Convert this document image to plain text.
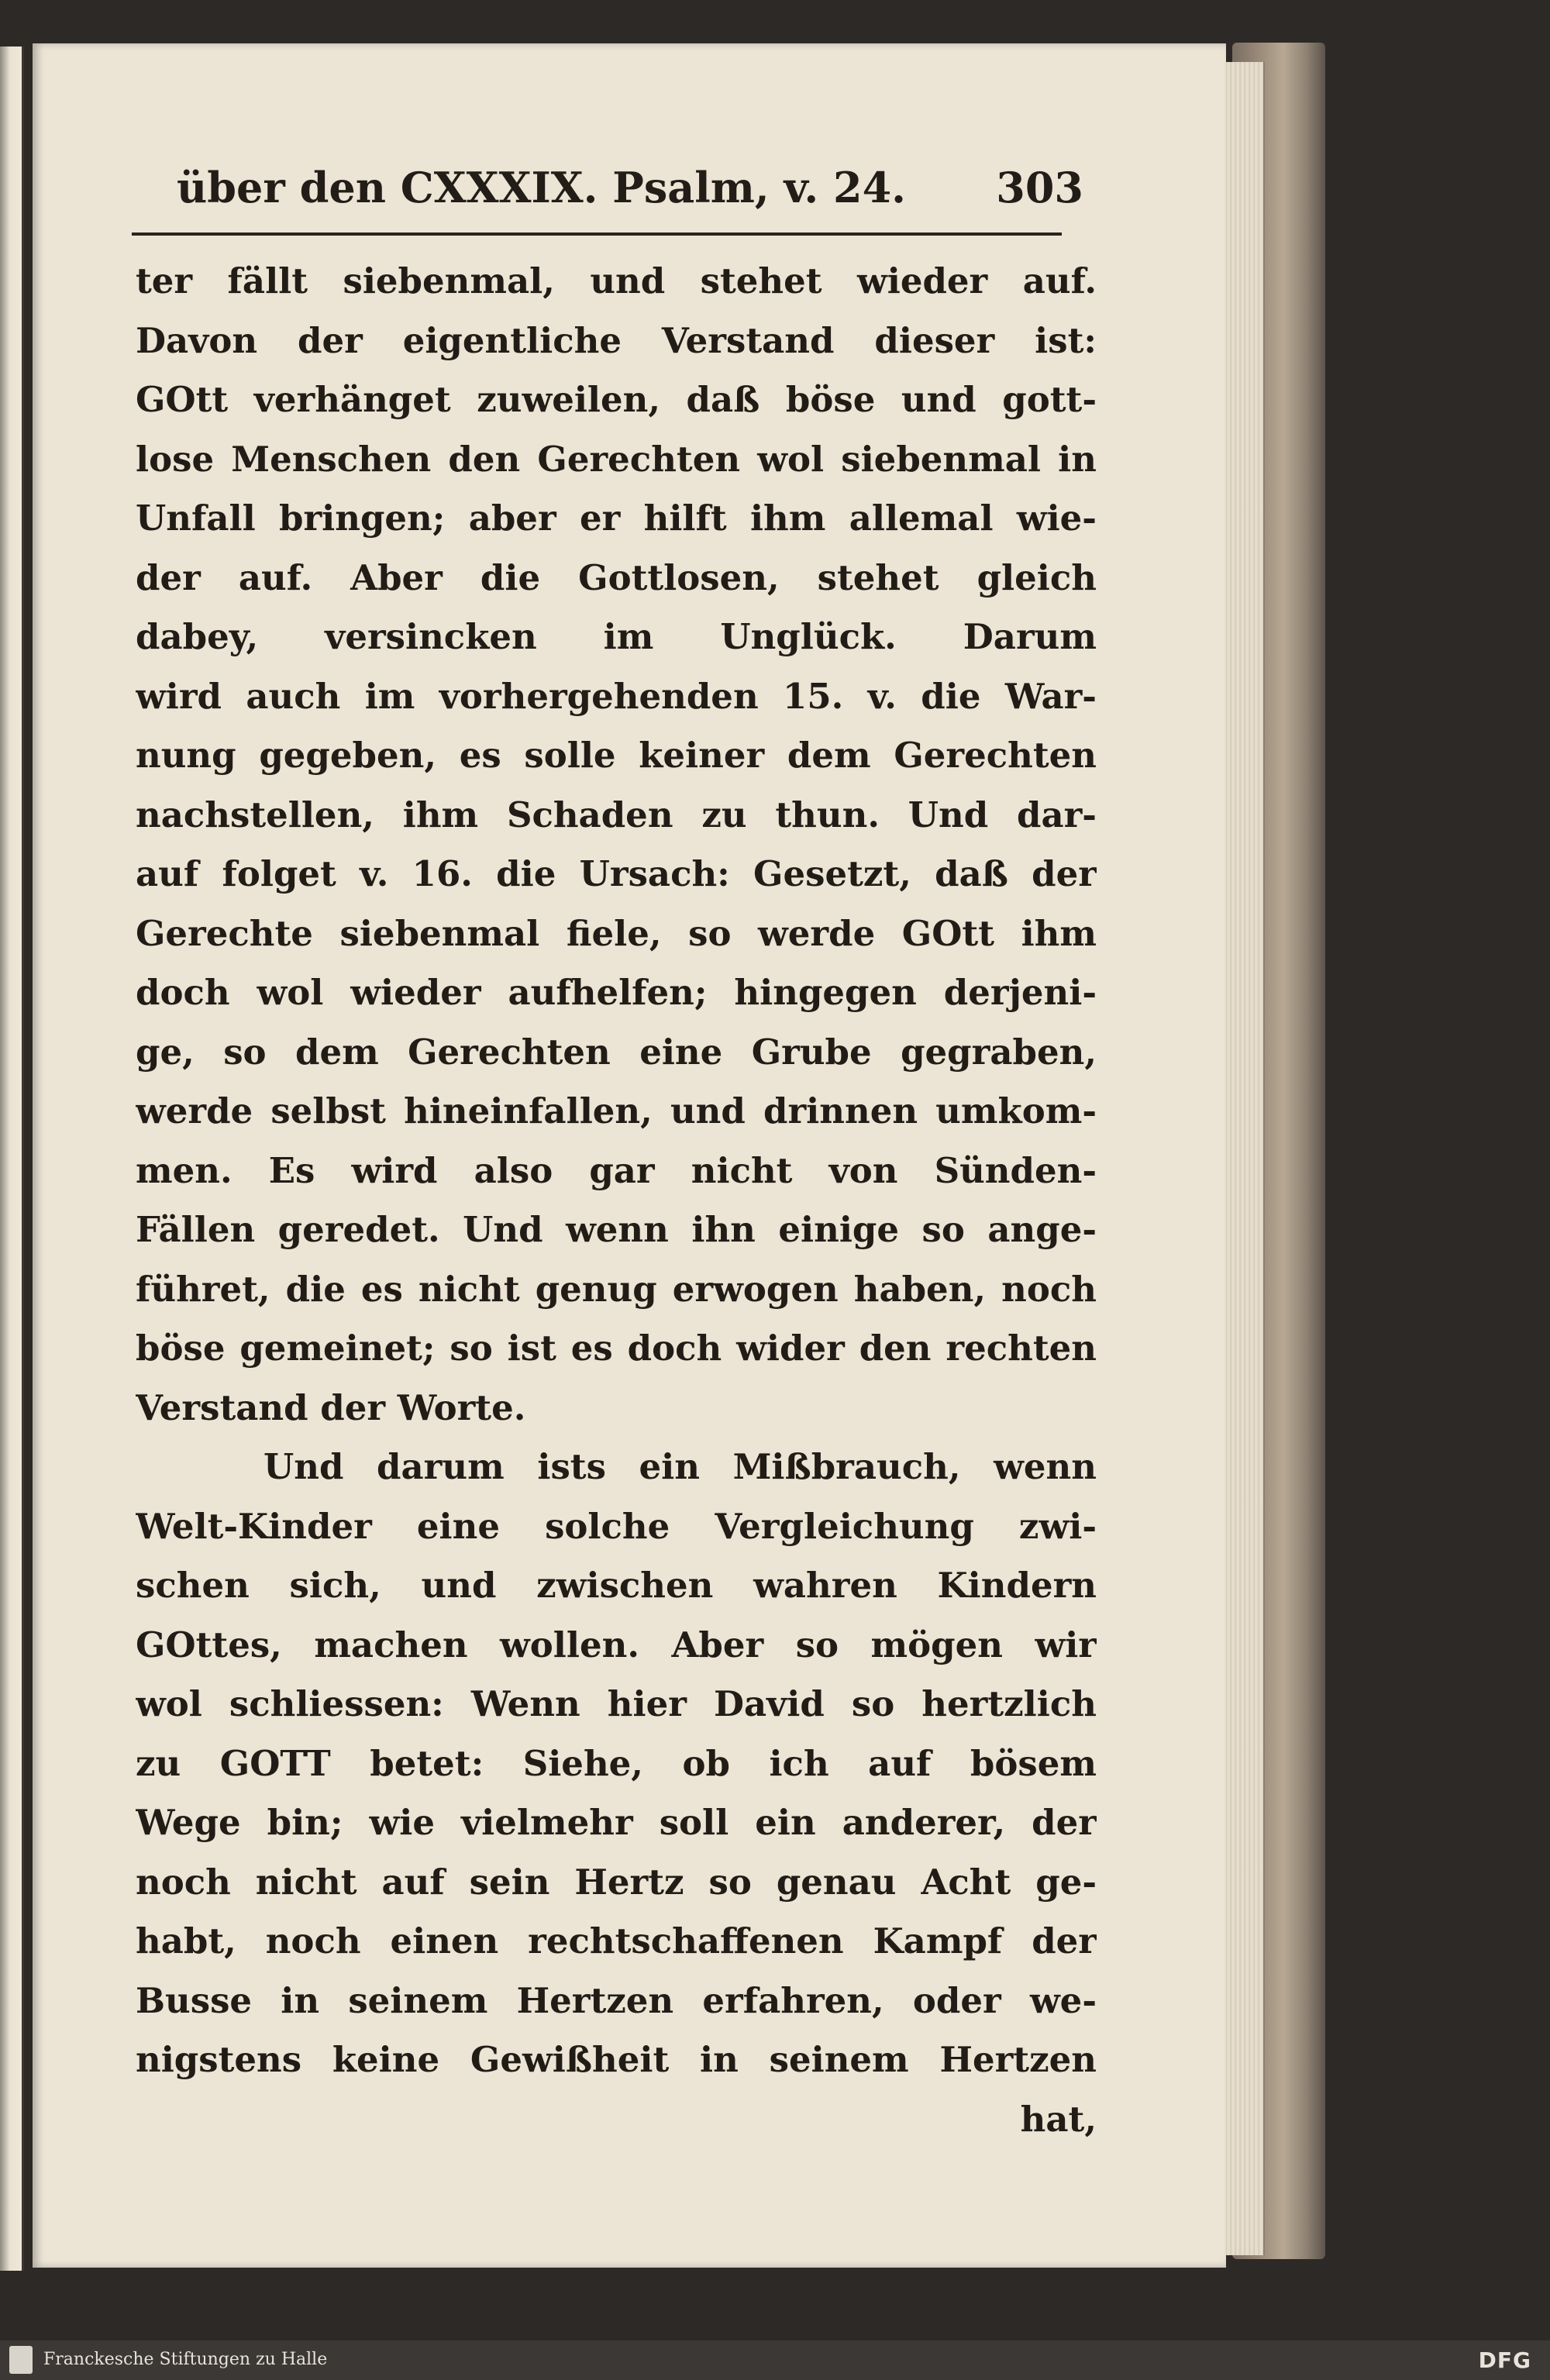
über den CXXXIX. Psalm, v. 24. 303
ter fällt siebenmal, und stehet wieder auf.
Davon der eigentliche Verstand dieser ist:
GOtt verhänget zuweilen, daß böse und gott-
lose Menschen den Gerechten wol siebenmal in
Unfall bringen; aber er hilft ihm allemal wie-
der auf. Aber die Gottlosen, stehet gleich
dabey, versincken im Unglück. Darum
wird auch im vorhergehenden 15. v. die War-
nung gegeben, es solle keiner dem Gerechten
nachstellen, ihm Schaden zu thun. Und dar-
auf folget v. 16. die Ursach: Gesetzt, daß der
Gerechte siebenmal fiele, so werde GOtt ihm
doch wol wieder aufhelfen; hingegen derjeni-
ge, so dem Gerechten eine Grube gegraben,
werde selbst hineinfallen, und drinnen umkom-
men. Es wird also gar nicht von Sünden-
Fällen geredet. Und wenn ihn einige so ange-
führet, die es nicht genug erwogen haben, noch
böse gemeinet; so ist es doch wider den rechten
Verstand der Worte.
Und darum ists ein Mißbrauch, wenn
Welt-Kinder eine solche Vergleichung zwi-
schen sich, und zwischen wahren Kindern
GOttes, machen wollen. Aber so mögen wir
wol schliessen: Wenn hier David so hertzlich
zu GOTT betet: Siehe, ob ich auf bösem
Wege bin; wie vielmehr soll ein anderer, der
noch nicht auf sein Hertz so genau Acht ge-
habt, noch einen rechtschaffenen Kampf der
Busse in seinem Hertzen erfahren, oder we-
nigstens keine Gewißheit in seinem Hertzen
hat,
Franckesche Stiftungen zu Halle	DFG
